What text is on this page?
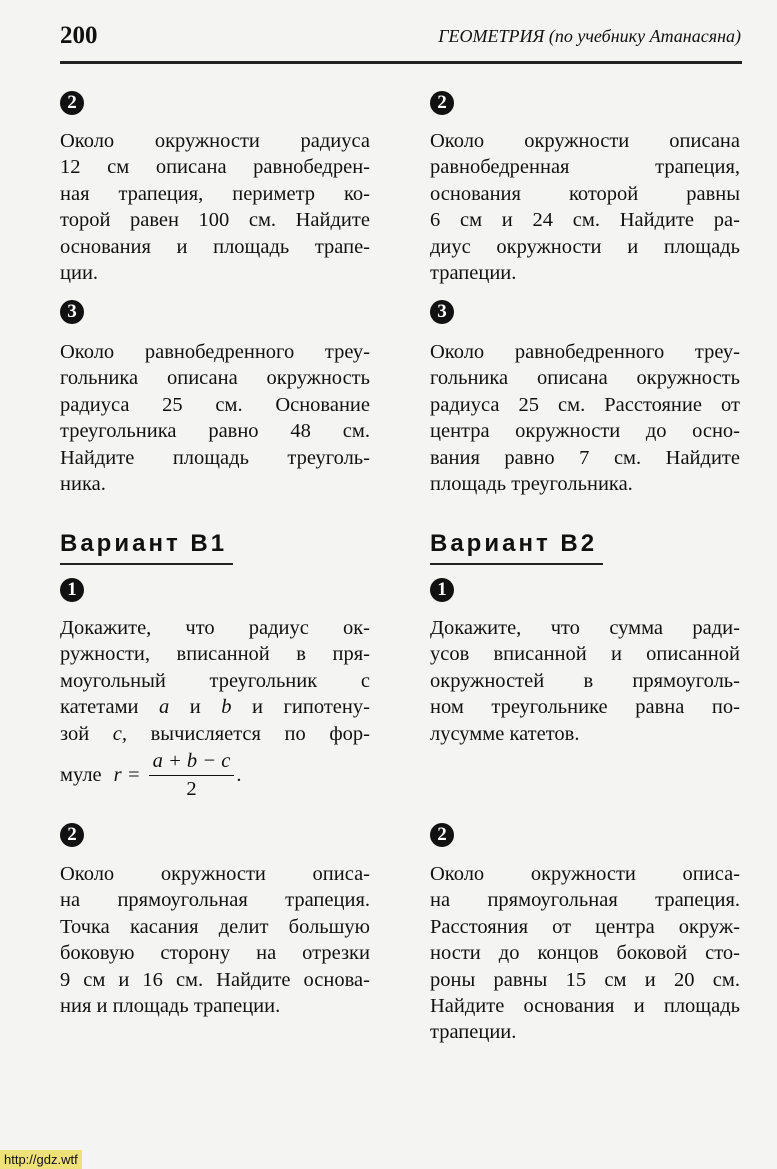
200	ГЕОМЕТРИЯ (по учебнику Атанасяна)
Вариант В1	Вариант В2
2
Около окружности радиуса
12 см описана равнобедрен-
ная трапеция, периметр ко-
торой равен 100 см. Найдите
основания и площадь трапе-
ции.
2
Около окружности описана
равнобедренная	трапеция,
основания которой равны
6 см и 24 см. Найдите ра-
диус окружности и площадь
трапеции.
3
Около равнобедренного треу-
гольника описана окружность
радиуса 25 см. Основание
треугольника равно 48 см.
Найдите площадь треуголь-
ника.
3
Около равнобедренного треу-
гольника описана окружность
радиуса 25 см. Расстояние от
центра окружности до осно-
вания равно 7 см. Найдите
площадь треугольника.
1
Докажите, что радиус ок-
ружности, вписанной в пря-
моугольный треугольник с
катетами a и b и гипотену-
зой c, вычисляется по фор-
1
Докажите, что сумма ради-
усов вписанной и описанной
окружностей в прямоуголь-
ном треугольнике равна по-
лусумме катетов.
2
Около окружности описа-
на прямоугольная трапеция.
Точка касания делит большую
боковую сторону на отрезки
9 см и 16 см. Найдите основа-
ния и площадь трапеции.
2
Около окружности описа-
на прямоугольная трапеция.
Расстояния от центра окруж-
ности до концов боковой сто-
роны равны 15 см и 20 см.
Найдите основания и площадь
трапеции.
муле $r = \frac{a + b - c}{2}$ .
http://gdz.wtf
